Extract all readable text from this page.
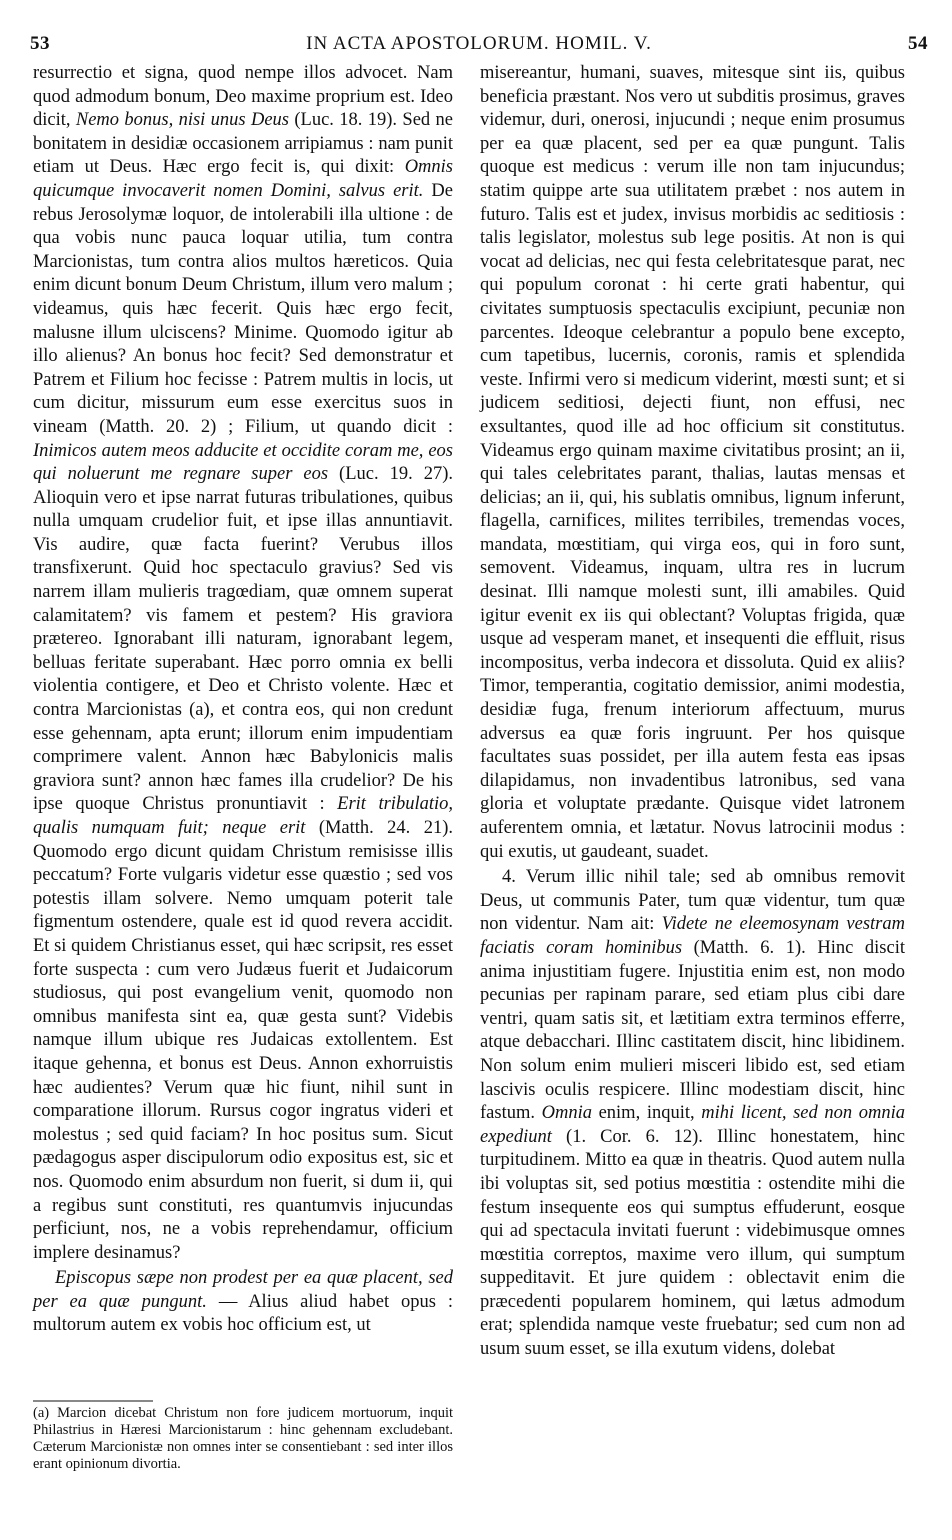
53	IN ACTA APOSTOLORUM. HOMIL. V.	54

resurrectio et signa, quod nempe illos advocet. Nam quod admodum bonum, Deo maxime proprium est. Ideo dicit, Nemo bonus, nisi unus Deus (Luc. 18. 19). Sed ne bonitatem in desidiæ occasionem arripiamus : nam punit etiam ut Deus. Hæc ergo fecit is, qui dixit: Omnis quicumque invocaverit nomen Domini, salvus erit. De rebus Jerosolymæ loquor, de intolerabili illa ultione : de qua vobis nunc pauca loquar utilia, tum contra Marcionistas, tum contra alios multos hæreticos. Quia enim dicunt bonum Deum Christum, illum vero malum ; videamus, quis hæc fecerit. Quis hæc ergo fecit, malusne illum ulciscens? Minime. Quomodo igitur ab illo alienus? An bonus hoc fecit? Sed demonstratur et Patrem et Filium hoc fecisse : Patrem multis in locis, ut cum dicitur, missurum eum esse exercitus suos in vineam (Matth. 20. 2) ; Filium, ut quando dicit : Inimicos autem meos adducite et occidite coram me, eos qui noluerunt me regnare super eos (Luc. 19. 27). Alioquin vero et ipse narrat futuras tribulationes, quibus nulla umquam crudelior fuit, et ipse illas annuntiavit. Vis audire, quæ facta fuerint? Verubus illos transfixerunt. Quid hoc spectaculo gravius? Sed vis narrem illam mulieris tragœdiam, quæ omnem superat calamitatem? vis famem et pestem? His graviora prætereo. Ignorabant illi naturam, ignorabant legem, belluas feritate superabant. Hæc porro omnia ex belli violentia contigere, et Deo et Christo volente. Hæc et contra Marcionistas (a), et contra eos, qui non credunt esse gehennam, apta erunt; illorum enim impudentiam comprimere valent. Annon hæc Babylonicis malis graviora sunt? annon hæc fames illa crudelior? De his ipse quoque Christus pronuntiavit : Erit tribulatio, qualis numquam fuit; neque erit (Matth. 24. 21). Quomodo ergo dicunt quidam Christum remisisse illis peccatum? Forte vulgaris videtur esse quæstio ; sed vos potestis illam solvere. Nemo umquam poterit tale figmentum ostendere, quale est id quod revera accidit. Et si quidem Christianus esset, qui hæc scripsit, res esset forte suspecta : cum vero Judæus fuerit et Judaicorum studiosus, qui post evangelium venit, quomodo non omnibus manifesta sint ea, quæ gesta sunt? Videbis namque illum ubique res Judaicas extollentem. Est itaque gehenna, et bonus est Deus. Annon exhorruistis hæc audientes? Verum quæ hic fiunt, nihil sunt in comparatione illorum. Rursus cogor ingratus videri et molestus ; sed quid faciam? In hoc positus sum. Sicut pædagogus asper discipulorum odio expositus est, sic et nos. Quomodo enim absurdum non fuerit, si dum ii, qui a regibus sunt constituti, res quantumvis injucundas perficiunt, nos, ne a vobis reprehendamur, officium implere desinamus?

Episcopus sæpe non prodest per ea quæ placent, sed per ea quæ pungunt. — Alius aliud habet opus : multorum autem ex vobis hoc officium est, ut

(a) Marcion dicebat Christum non fore judicem mortuorum, inquit Philastrius in Hæresi Marcionistarum : hinc gehennam excludebant. Cæterum Marcionistæ non omnes inter se consentiebant : sed inter illos erant opinionum divortia.

misereantur, humani, suaves, mitesque sint iis, quibus beneficia præstant. Nos vero ut subditis prosimus, graves videmur, duri, onerosi, injucundi ; neque enim prosumus per ea quæ placent, sed per ea quæ pungunt. Talis quoque est medicus : verum ille non tam injucundus; statim quippe arte sua utilitatem præbet : nos autem in futuro. Talis est et judex, invisus morbidis ac seditiosis : talis legislator, molestus sub lege positis. At non is qui vocat ad delicias, nec qui festa celebritatesque parat, nec qui populum coronat : hi certe grati habentur, qui civitates sumptuosis spectaculis excipiunt, pecuniæ non parcentes. Ideoque celebrantur a populo bene excepto, cum tapetibus, lucernis, coronis, ramis et splendida veste. Infirmi vero si medicum viderint, mœsti sunt; et si judicem seditiosi, dejecti fiunt, non effusi, nec exsultantes, quod ille ad hoc officium sit constitutus. Videamus ergo quinam maxime civitatibus prosint; an ii, qui tales celebritates parant, thalias, lautas mensas et delicias; an ii, qui, his sublatis omnibus, lignum inferunt, flagella, carnifices, milites terribiles, tremendas voces, mandata, mœstitiam, qui virga eos, qui in foro sunt, semovent. Videamus, inquam, ultra res in lucrum desinat. Illi namque molesti sunt, illi amabiles. Quid igitur evenit ex iis qui oblectant? Voluptas frigida, quæ usque ad vesperam manet, et insequenti die effluit, risus incompositus, verba indecora et dissoluta. Quid ex aliis? Timor, temperantia, cogitatio demissior, animi modestia, desidiæ fuga, frenum interiorum affectuum, murus adversus ea quæ foris ingruunt. Per hos quisque facultates suas possidet, per illa autem festa eas ipsas dilapidamus, non invadentibus latronibus, sed vana gloria et voluptate prædante. Quisque videt latronem auferentem omnia, et lætatur. Novus latrocinii modus : qui exutis, ut gaudeant, suadet.

4. Verum illic nihil tale; sed ab omnibus removit Deus, ut communis Pater, tum quæ videntur, tum quæ non videntur. Nam ait: Videte ne eleemosynam vestram faciatis coram hominibus (Matth. 6. 1). Hinc discit anima injustitiam fugere. Injustitia enim est, non modo pecunias per rapinam parare, sed etiam plus cibi dare ventri, quam satis sit, et lætitiam extra terminos efferre, atque debacchari. Illinc castitatem discit, hinc libidinem. Non solum enim mulieri misceri libido est, sed etiam lascivis oculis respicere. Illinc modestiam discit, hinc fastum. Omnia enim, inquit, mihi licent, sed non omnia expediunt (1. Cor. 6. 12). Illinc honestatem, hinc turpitudinem. Mitto ea quæ in theatris. Quod autem nulla ibi voluptas sit, sed potius mœstitia : ostendite mihi die festum insequente eos qui sumptus effuderunt, eosque qui ad spectacula invitati fuerunt : videbimusque omnes mœstitia correptos, maxime vero illum, qui sumptum suppeditavit. Et jure quidem : oblectavit enim die præcedenti popularem hominem, qui lætus admodum erat; splendida namque veste fruebatur; sed cum non ad usum suum esset, se illa exutum videns, dolebat
